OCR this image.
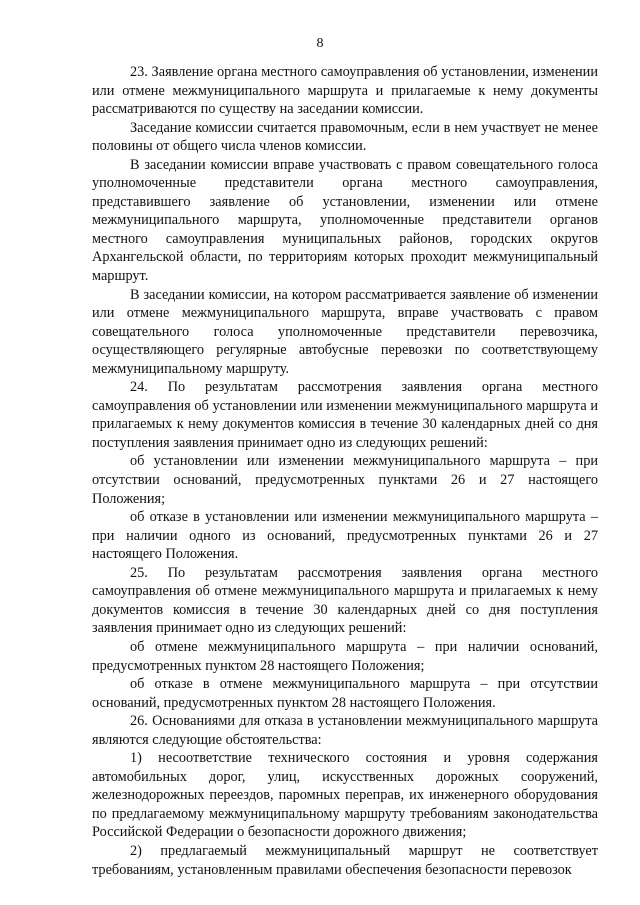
8

23. Заявление органа местного самоуправления об установлении, изменении или отмене межмуниципального маршрута и прилагаемые к нему документы рассматриваются по существу на заседании комиссии.

Заседание комиссии считается правомочным, если в нем участвует не менее половины от общего числа членов комиссии.

В заседании комиссии вправе участвовать с правом совещательного голоса уполномоченные представители органа местного самоуправления, представившего заявление об установлении, изменении или отмене межмуниципального маршрута, уполномоченные представители органов местного самоуправления муниципальных районов, городских округов Архангельской области, по территориям которых проходит межмуниципальный маршрут.

В заседании комиссии, на котором рассматривается заявление об изменении или отмене межмуниципального маршрута, вправе участвовать с правом совещательного голоса уполномоченные представители перевозчика, осуществляющего регулярные автобусные перевозки по соответствующему межмуниципальному маршруту.

24. По результатам рассмотрения заявления органа местного самоуправления об установлении или изменении межмуниципального маршрута и прилагаемых к нему документов комиссия в течение 30 календарных дней со дня поступления заявления принимает одно из следующих решений:

об установлении или изменении межмуниципального маршрута – при отсутствии оснований, предусмотренных пунктами 26 и 27 настоящего Положения;

об отказе в установлении или изменении межмуниципального маршрута – при наличии одного из оснований, предусмотренных пунктами 26 и 27 настоящего Положения.

25. По результатам рассмотрения заявления органа местного самоуправления об отмене межмуниципального маршрута и прилагаемых к нему документов комиссия в течение 30 календарных дней со дня поступления заявления принимает одно из следующих решений:

об отмене межмуниципального маршрута – при наличии оснований, предусмотренных пунктом 28 настоящего Положения;

об отказе в отмене межмуниципального маршрута – при отсутствии оснований, предусмотренных пунктом 28 настоящего Положения.

26. Основаниями для отказа в установлении межмуниципального маршрута являются следующие обстоятельства:

1) несоответствие технического состояния и уровня содержания автомобильных дорог, улиц, искусственных дорожных сооружений, железнодорожных переездов, паромных переправ, их инженерного оборудования по предлагаемому межмуниципальному маршруту требованиям законодательства Российской Федерации о безопасности дорожного движения;

2) предлагаемый межмуниципальный маршрут не соответствует требованиям, установленным правилами обеспечения безопасности перевозок
